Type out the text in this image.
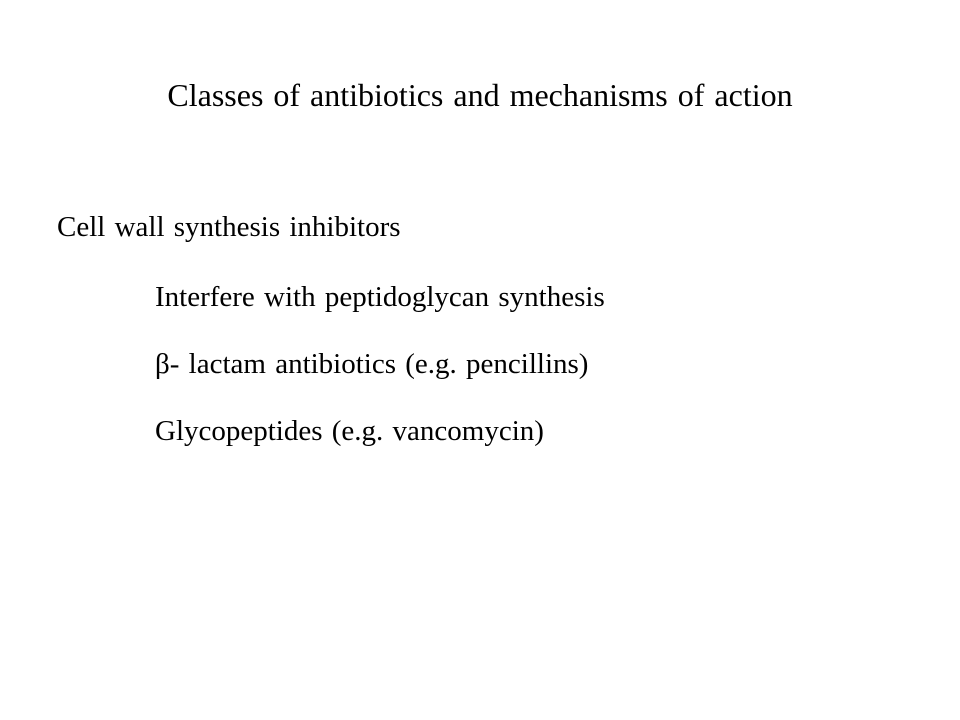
Classes of antibiotics and mechanisms of action
Cell wall synthesis inhibitors
Interfere with peptidoglycan synthesis
β- lactam antibiotics (e.g. pencillins)
Glycopeptides (e.g. vancomycin)
